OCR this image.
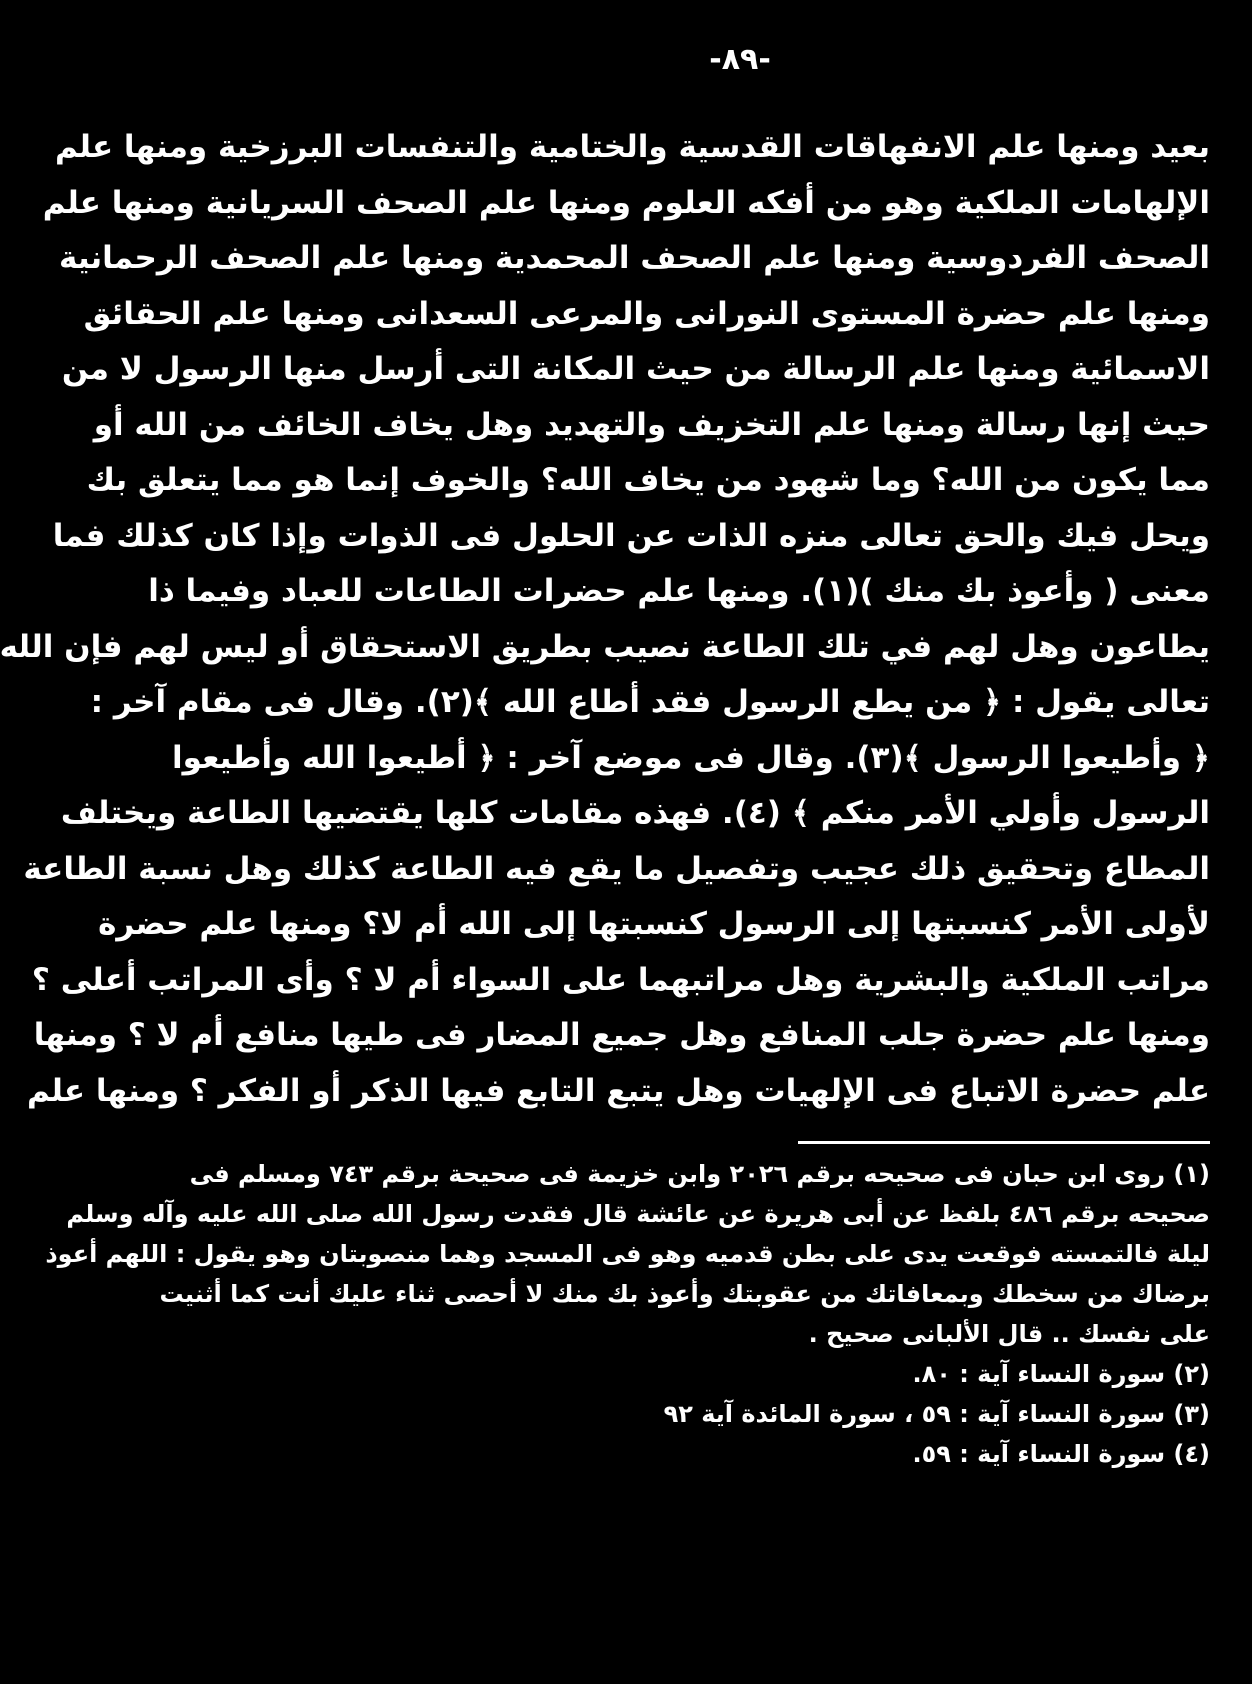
-٨٩-
بعيد ومنها علم الانفهاقات القدسية والختامية والتنفسات البرزخية ومنها علم
الإلهامات الملكية وهو من أفكه العلوم ومنها علم الصحف السريانية ومنها علم
الصحف الفردوسية ومنها علم الصحف المحمدية ومنها علم الصحف الرحمانية
ومنها علم حضرة المستوى النورانى والمرعى السعدانى ومنها علم الحقائق
الاسمائية ومنها علم الرسالة من حيث المكانة التى أرسل منها الرسول لا من
حيث إنها رسالة ومنها علم التخزيف والتهديد وهل يخاف الخائف من الله أو
مما يكون من الله؟ وما شهود من يخاف الله؟ والخوف إنما هو مما يتعلق بك
ويحل فيك والحق تعالى منزه الذات عن الحلول فى الذوات وإذا كان كذلك فما
معنى ( وأعوذ بك منك )(١). ومنها علم حضرات الطاعات للعباد وفيما ذا
يطاعون وهل لهم في تلك الطاعة نصيب بطريق الاستحقاق أو ليس لهم فإن الله
تعالى يقول : ﴿ من يطع الرسول فقد أطاع الله ﴾(٢). وقال فى مقام آخر :
﴿ وأطيعوا الرسول ﴾(٣). وقال فى موضع آخر : ﴿ أطيعوا الله وأطيعوا
الرسول وأولي الأمر منكم ﴾ (٤). فهذه مقامات كلها يقتضيها الطاعة ويختلف
المطاع وتحقيق ذلك عجيب وتفصيل ما يقع فيه الطاعة كذلك وهل نسبة الطاعة
لأولى الأمر كنسبتها إلى الرسول كنسبتها إلى الله أم لا؟ ومنها علم حضرة
مراتب الملكية والبشرية وهل مراتبهما على السواء أم لا ؟ وأى المراتب أعلى ؟
ومنها علم حضرة جلب المنافع وهل جميع المضار فى طيها منافع أم لا ؟ ومنها
علم حضرة الاتباع فى الإلهيات وهل يتبع التابع فيها الذكر أو الفكر ؟ ومنها علم
(١) روى ابن حبان فى صحيحه برقم ٢٠٢٦ وابن خزيمة فى صحيحة برقم ٧٤٣ ومسلم فى
صحيحه برقم ٤٨٦ بلفظ عن أبى هريرة عن عائشة قال فقدت رسول الله صلى الله عليه وآله وسلم
ليلة فالتمسته فوقعت يدى على بطن قدميه وهو فى المسجد وهما منصوبتان وهو يقول : اللهم أعوذ
برضاك من سخطك وبمعافاتك من عقوبتك وأعوذ بك منك لا أحصى ثناء عليك أنت كما أثنيت
على نفسك .. قال الألبانى صحيح .
(٢) سورة النساء آية : ٨٠.
(٣) سورة النساء آية : ٥٩ ، سورة المائدة آية ٩٢
(٤) سورة النساء آية : ٥٩.
